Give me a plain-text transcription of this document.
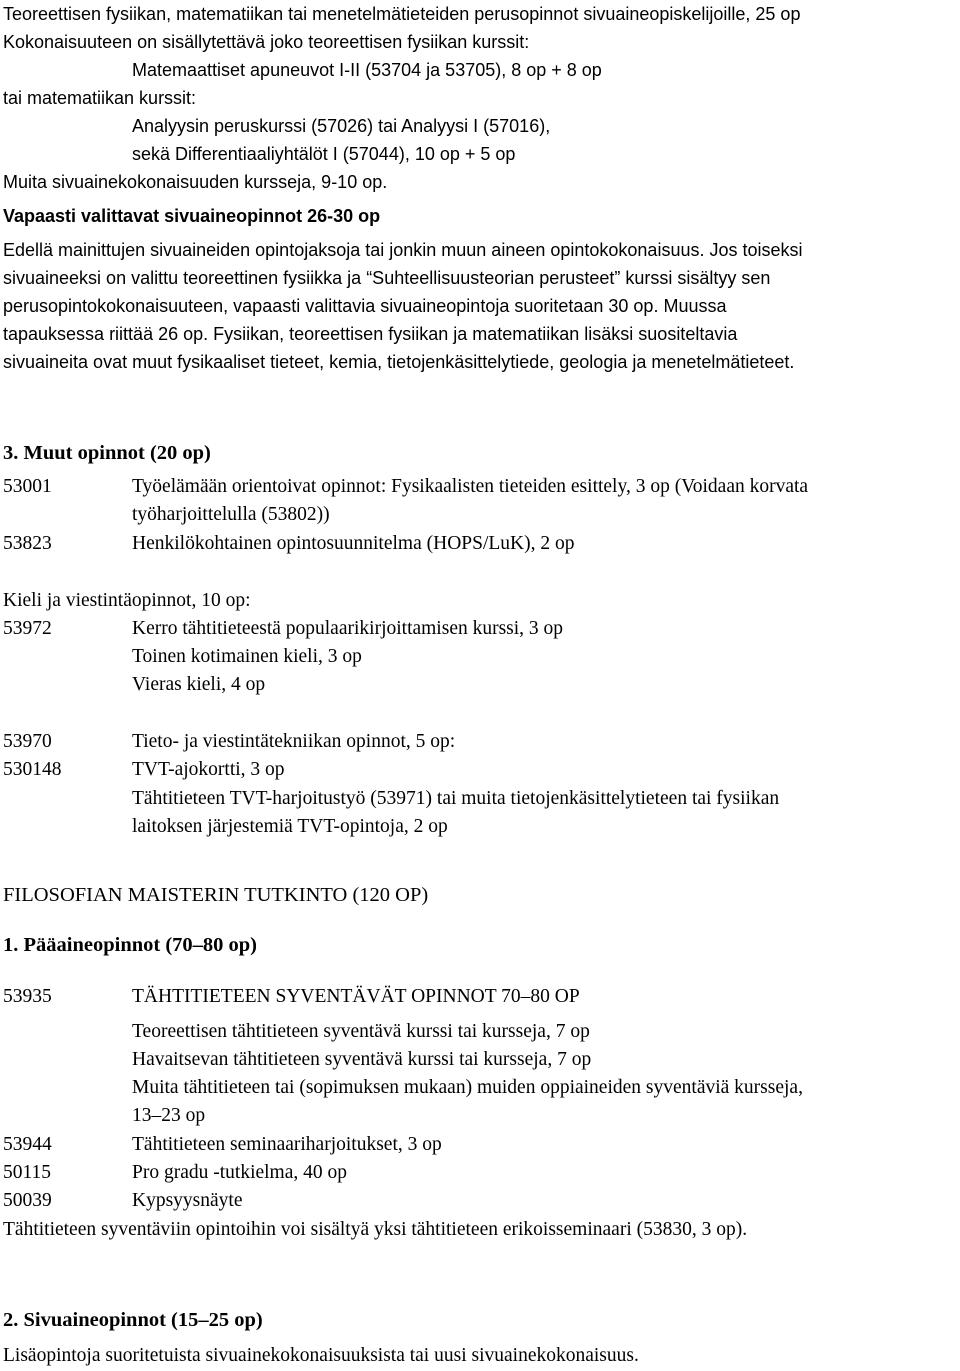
Teoreettisen fysiikan, matematiikan tai menetelmätieteiden perusopinnot sivuaineopiskelijoille, 25 op
Kokonaisuuteen on sisällytettävä joko teoreettisen fysiikan kurssit:
Matemaattiset apuneuvot I-II (53704 ja 53705), 8 op + 8 op
tai matematiikan kurssit:
Analyysin peruskurssi (57026) tai Analyysi I (57016),
sekä Differentiaaliyhtälöt I (57044), 10 op + 5 op
Muita sivuainekokonaisuuden kursseja, 9-10 op.
Vapaasti valittavat sivuaineopinnot 26-30 op
Edellä mainittujen sivuaineiden opintojaksoja tai jonkin muun aineen opintokokonaisuus. Jos toiseksi
sivuaineeksi on valittu teoreettinen fysiikka ja “Suhteellisuusteorian perusteet” kurssi sisältyy sen
perusopintokokonaisuuteen, vapaasti valittavia sivuaineopintoja suoritetaan 30 op. Muussa
tapauksessa riittää 26 op. Fysiikan, teoreettisen fysiikan ja matematiikan lisäksi suositeltavia
sivuaineita ovat muut fysikaaliset tieteet, kemia, tietojenkäsittelytiede, geologia ja menetelmätieteet.
3. Muut opinnot (20 op)
53001	Työelämään orientoivat opinnot: Fysikaalisten tieteiden esittely, 3 op (Voidaan korvata
työharjoittelulla (53802))
53823	Henkilökohtainen opintosuunnitelma (HOPS/LuK), 2 op
Kieli ja viestintäopinnot, 10 op:
53972	Kerro tähtitieteestä populaarikirjoittamisen kurssi, 3 op
Toinen kotimainen kieli, 3 op
Vieras kieli, 4 op
53970	Tieto- ja viestintätekniikan opinnot, 5 op:
530148	TVT-ajokortti, 3 op
Tähtitieteen TVT-harjoitustyö (53971) tai muita tietojenkäsittelytieteen tai fysiikan
laitoksen järjestemiä TVT-opintoja, 2 op
FILOSOFIAN MAISTERIN TUTKINTO (120 OP)
1. Pääaineopinnot (70–80 op)
53935	TÄHTITIETEEN SYVENTÄVÄT OPINNOT 70–80 OP
Teoreettisen tähtitieteen syventävä kurssi tai kursseja, 7 op
Havaitsevan tähtitieteen syventävä kurssi tai kursseja, 7 op
Muita tähtitieteen tai (sopimuksen mukaan) muiden oppiaineiden syventäviä kursseja,
13–23 op
53944	Tähtitieteen seminaariharjoitukset, 3 op
50115	Pro gradu -tutkielma, 40 op
50039	Kypsyysnäyte
Tähtitieteen syventäviin opintoihin voi sisältyä yksi tähtitieteen erikoisseminaari (53830, 3 op).
2. Sivuaineopinnot (15–25 op)
Lisäopintoja suoritetuista sivuainekokonaisuuksista tai uusi sivuainekokonaisuus.
